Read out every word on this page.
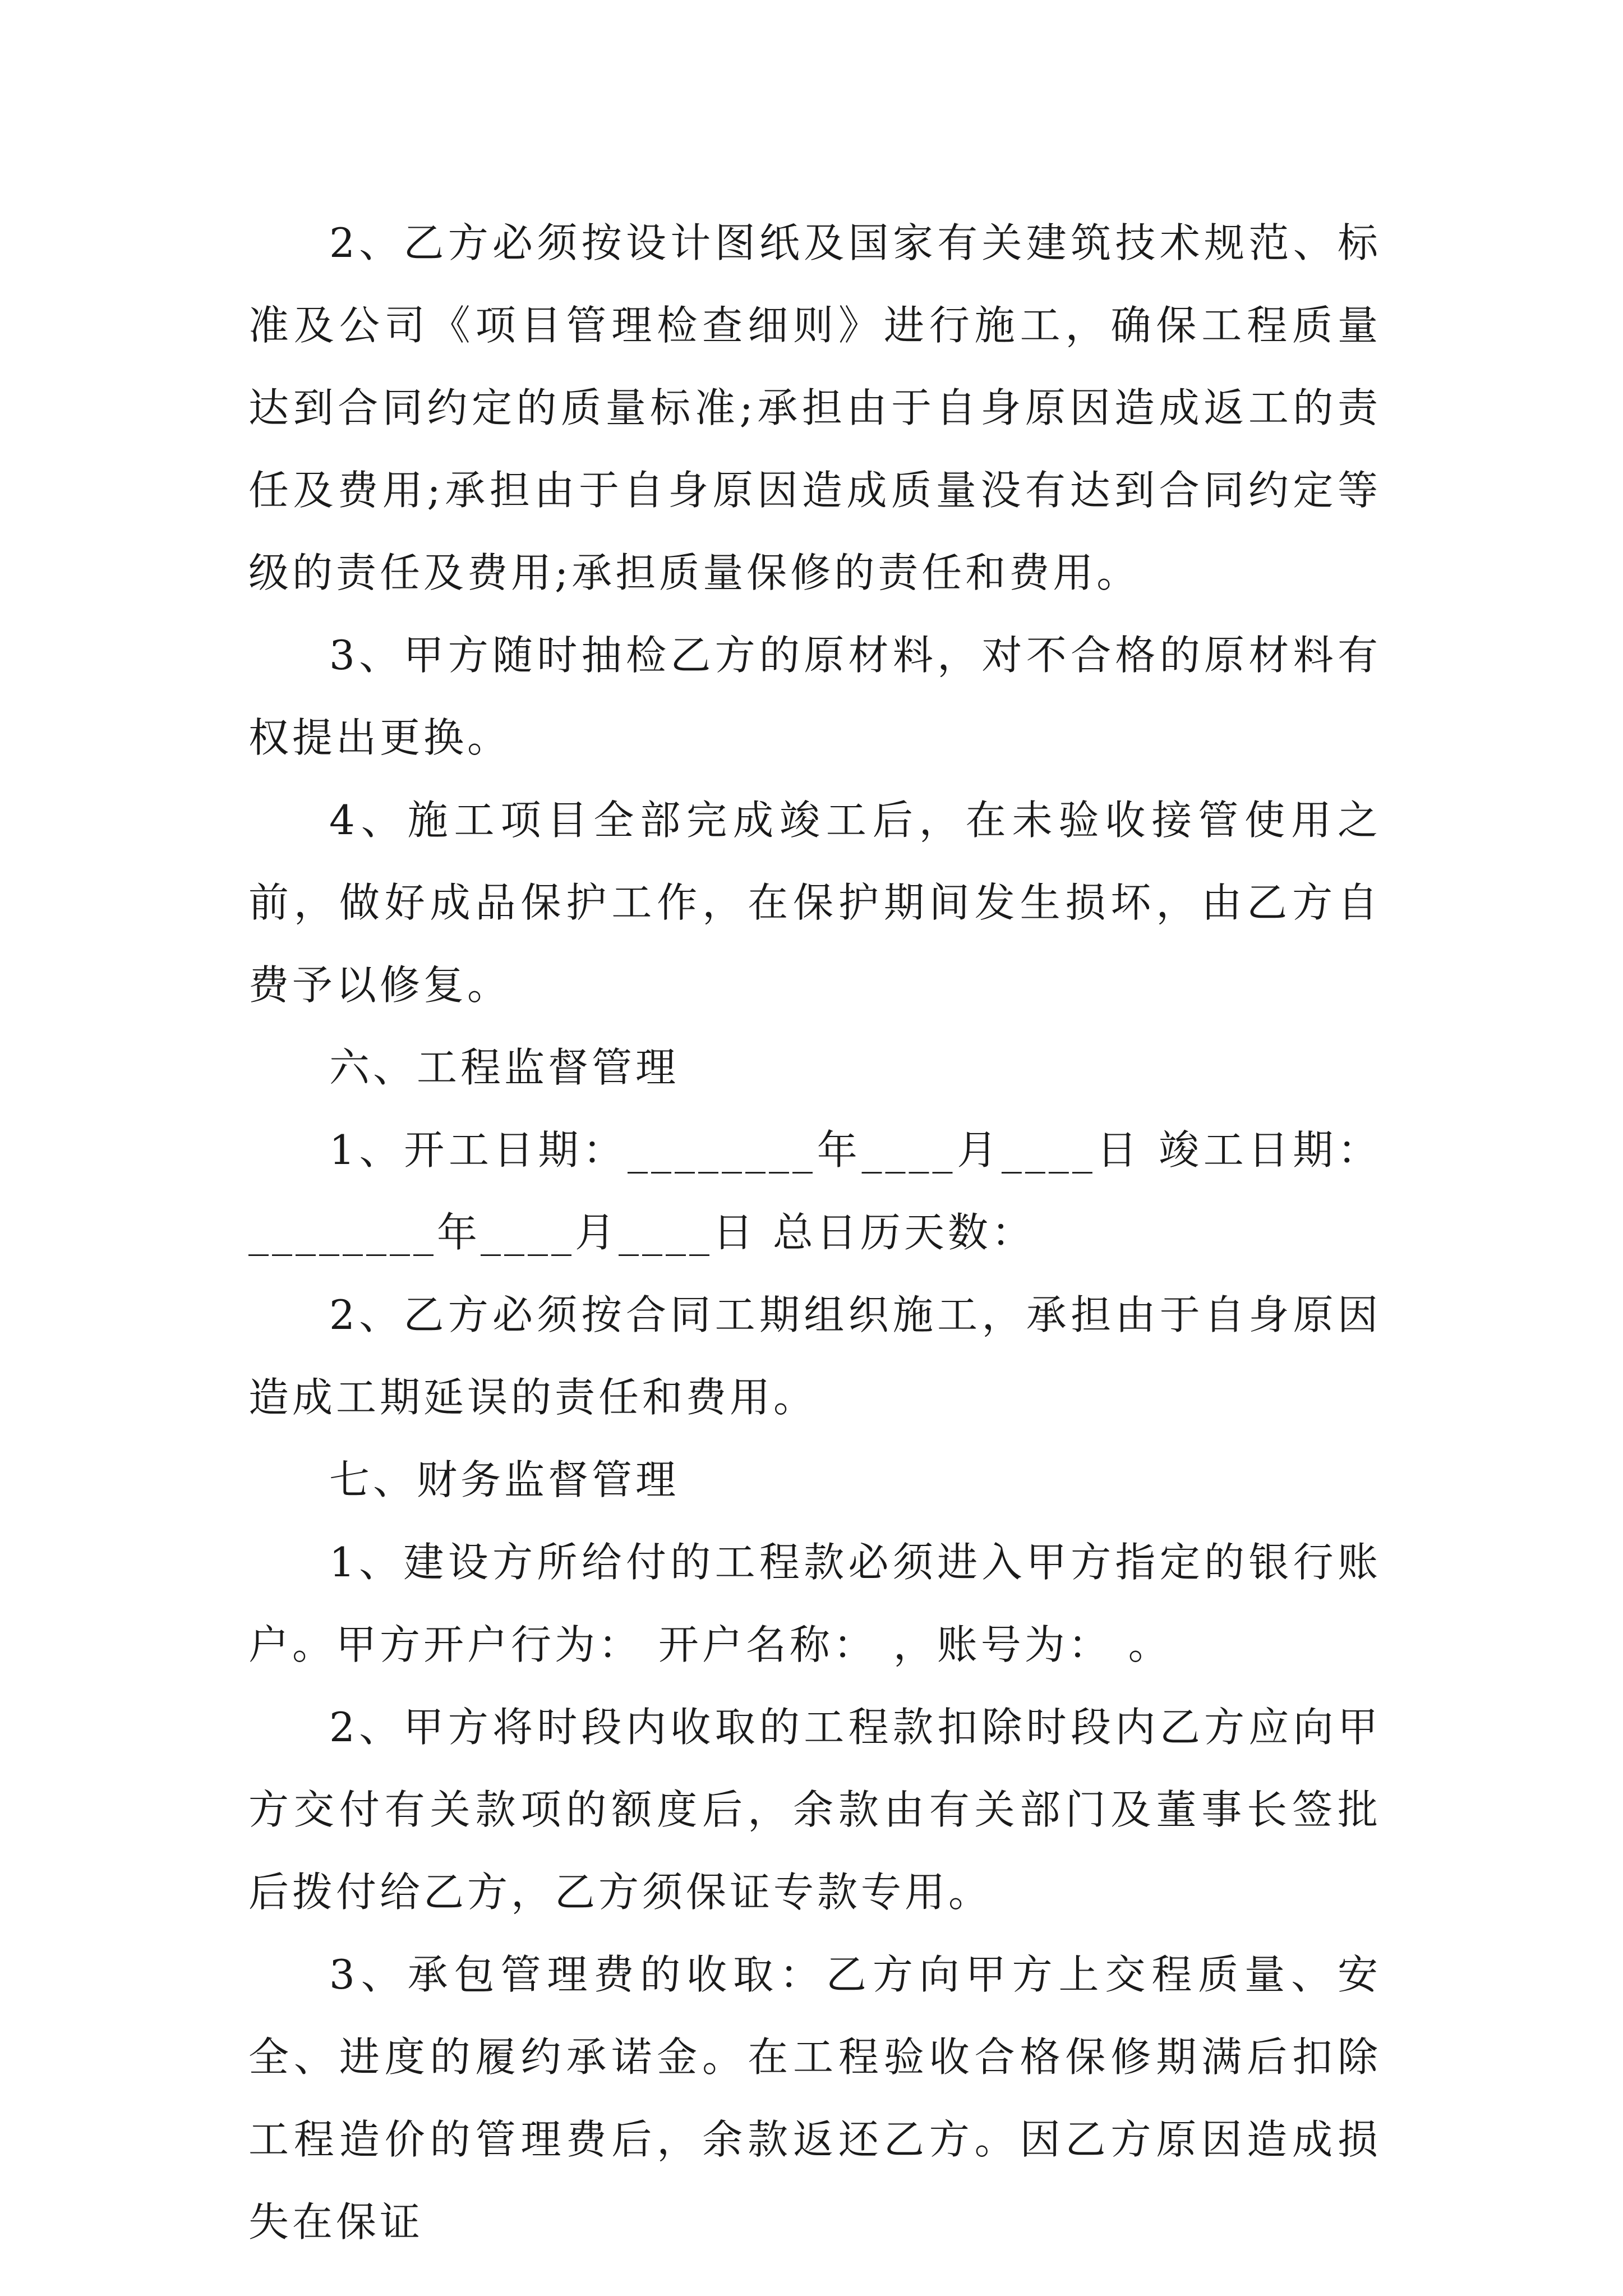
2、乙方必须按设计图纸及国家有关建筑技术规范、标准及公司《项目管理检查细则》进行施工，确保工程质量达到合同约定的质量标准;承担由于自身原因造成返工的责任及费用;承担由于自身原因造成质量没有达到合同约定等级的责任及费用;承担质量保修的责任和费用。

3、甲方随时抽检乙方的原材料，对不合格的原材料有权提出更换。

4、施工项目全部完成竣工后，在未验收接管使用之前，做好成品保护工作，在保护期间发生损坏，由乙方自费予以修复。

六、工程监督管理

1、开工日期：________年____月____日 竣工日期：________年____月____日 总日历天数：

2、乙方必须按合同工期组织施工，承担由于自身原因造成工期延误的责任和费用。

七、财务监督管理

1、建设方所给付的工程款必须进入甲方指定的银行账户。甲方开户行为： 开户名称： ，账号为： 。

2、甲方将时段内收取的工程款扣除时段内乙方应向甲方交付有关款项的额度后，余款由有关部门及董事长签批后拨付给乙方，乙方须保证专款专用。

3、承包管理费的收取：乙方向甲方上交程质量、安全、进度的履约承诺金。在工程验收合格保修期满后扣除工程造价的管理费后，余款返还乙方。因乙方原因造成损失在保证
